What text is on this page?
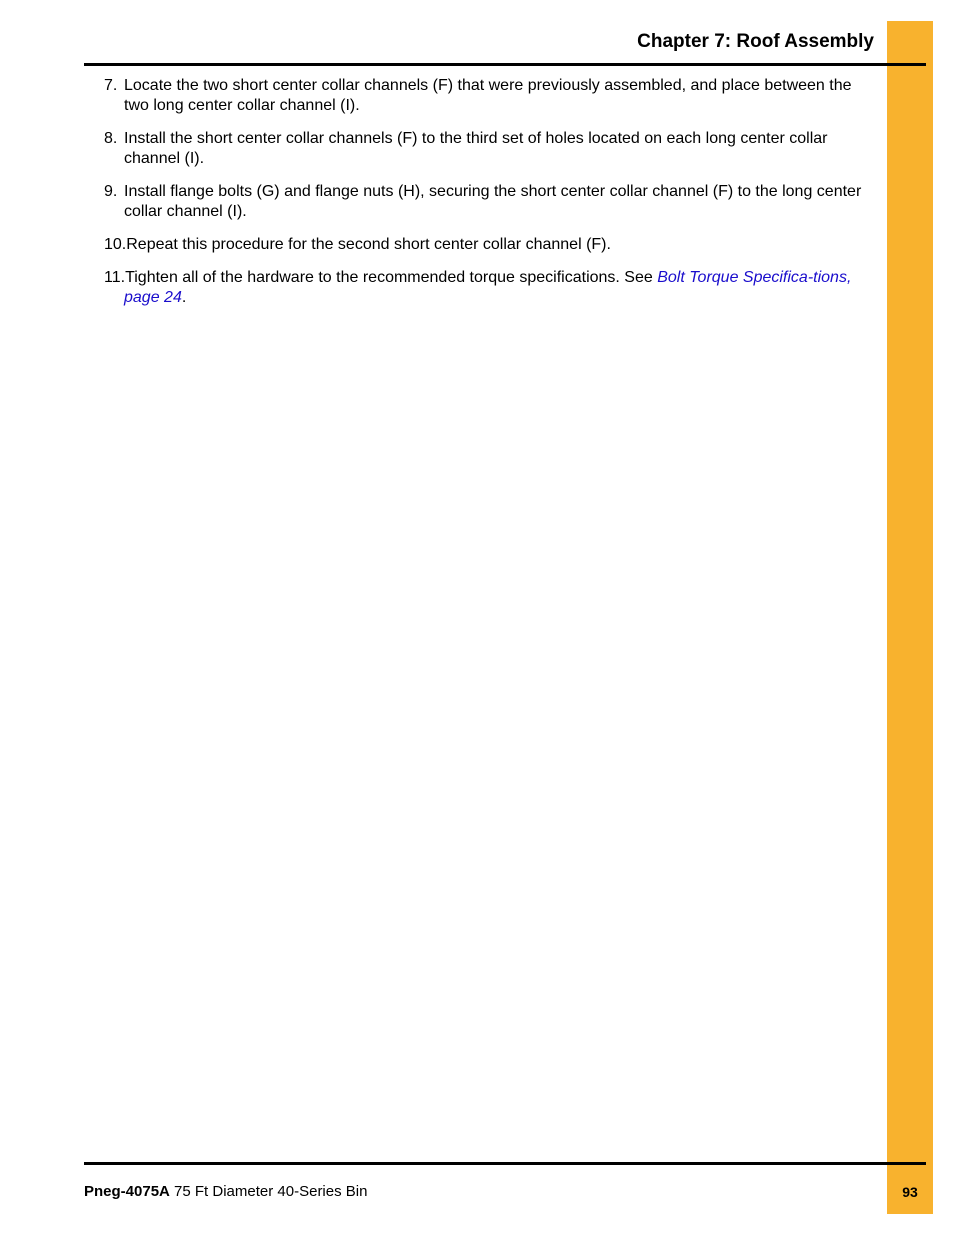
Chapter 7: Roof Assembly
7. Locate the two short center collar channels (F) that were previously assembled, and place between the two long center collar channel (I).
8. Install the short center collar channels (F) to the third set of holes located on each long center collar channel (I).
9. Install flange bolts (G) and flange nuts (H), securing the short center collar channel (F) to the long center collar channel (I).
10.Repeat this procedure for the second short center collar channel (F).
11.Tighten all of the hardware to the recommended torque specifications. See Bolt Torque Specifica-tions, page 24.
Pneg-4075A 75 Ft Diameter 40-Series Bin	93
